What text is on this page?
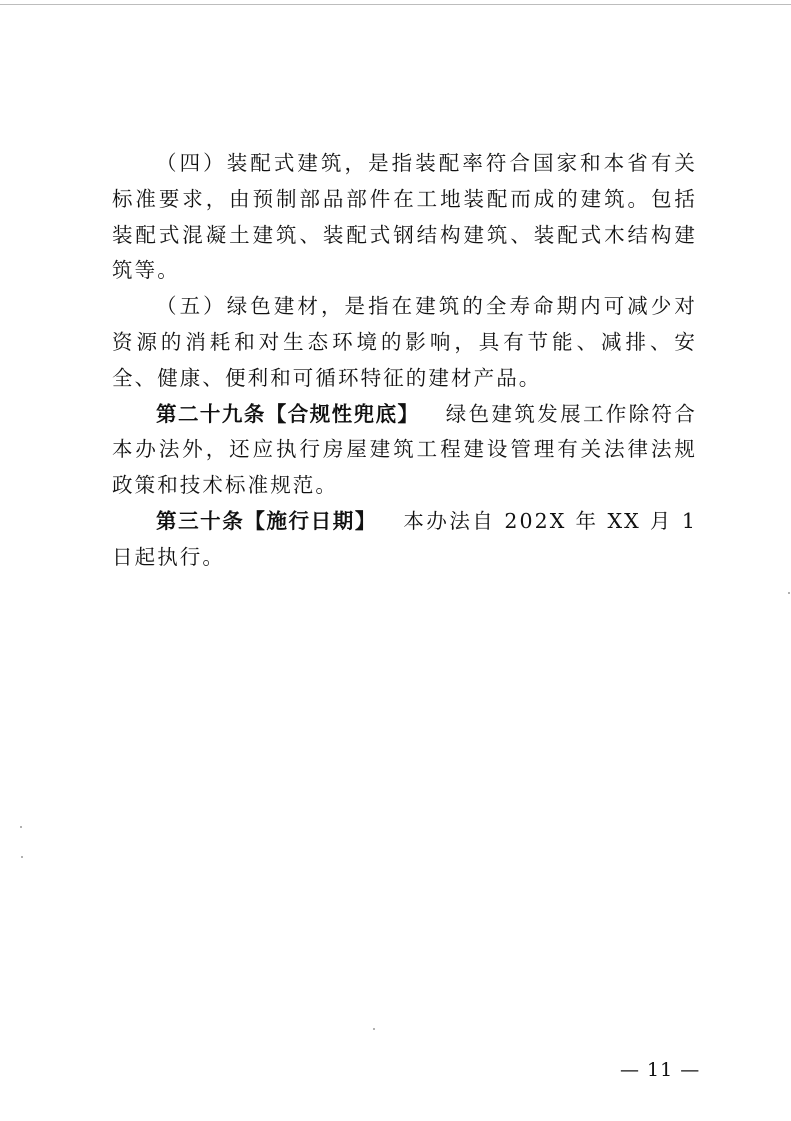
（四）装配式建筑，是指装配率符合国家和本省有关标准要求，由预制部品部件在工地装配而成的建筑。包括装配式混凝土建筑、装配式钢结构建筑、装配式木结构建筑等。

（五）绿色建材，是指在建筑的全寿命期内可减少对资源的消耗和对生态环境的影响，具有节能、减排、安全、健康、便利和可循环特征的建材产品。

第二十九条【合规性兜底】 绿色建筑发展工作除符合本办法外，还应执行房屋建筑工程建设管理有关法律法规政策和技术标准规范。

第三十条【施行日期】 本办法自 202X 年 XX 月 1 日起执行。

— 11 —
